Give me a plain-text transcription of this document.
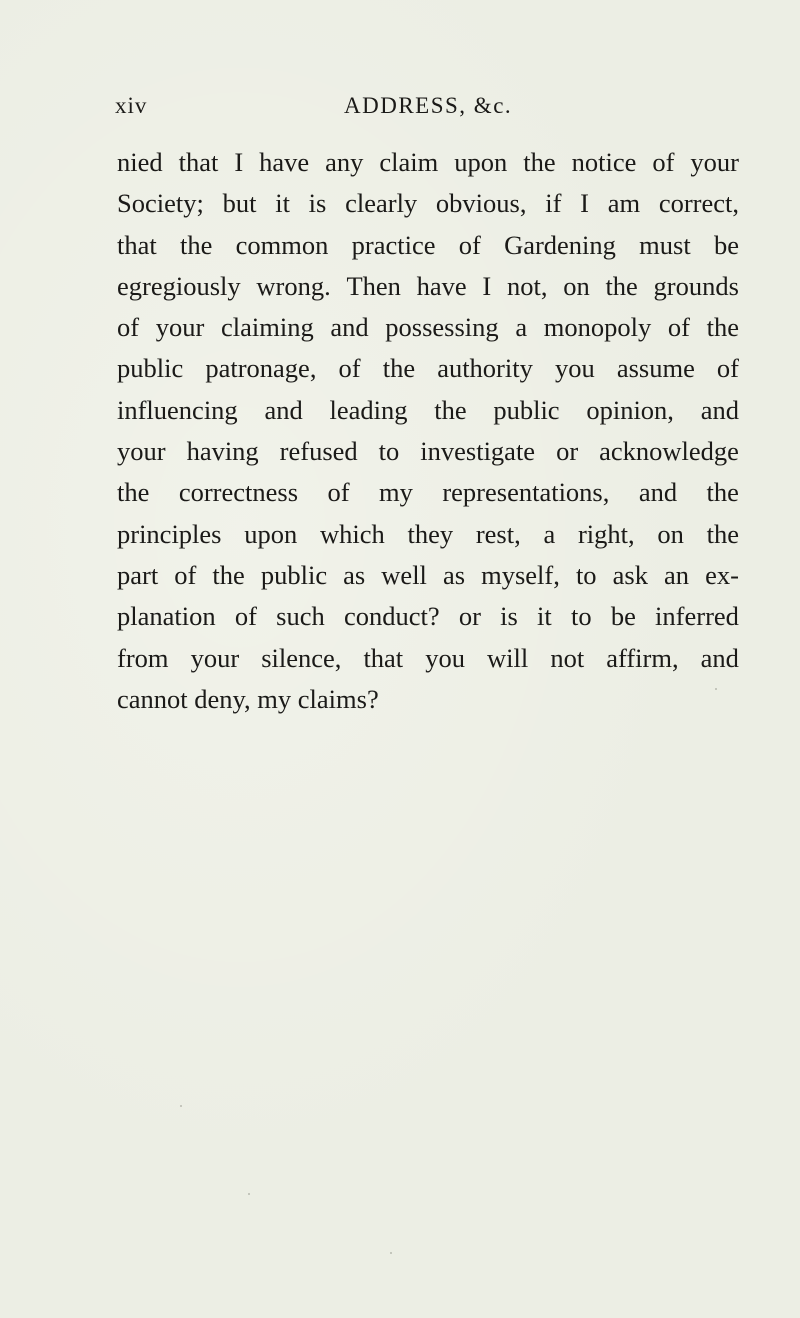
xiv	ADDRESS, &c.
nied that I have any claim upon the notice of your
Society; but it is clearly obvious, if I am correct,
that the common practice of Gardening must be
egregiously wrong. Then have I not, on the grounds
of your claiming and possessing a monopoly of the
public patronage, of the authority you assume of
influencing and leading the public opinion, and
your having refused to investigate or acknowledge
the correctness of my representations, and the
principles upon which they rest, a right, on the
part of the public as well as myself, to ask an ex-
planation of such conduct? or is it to be inferred
from your silence, that you will not affirm, and
cannot deny, my claims?
